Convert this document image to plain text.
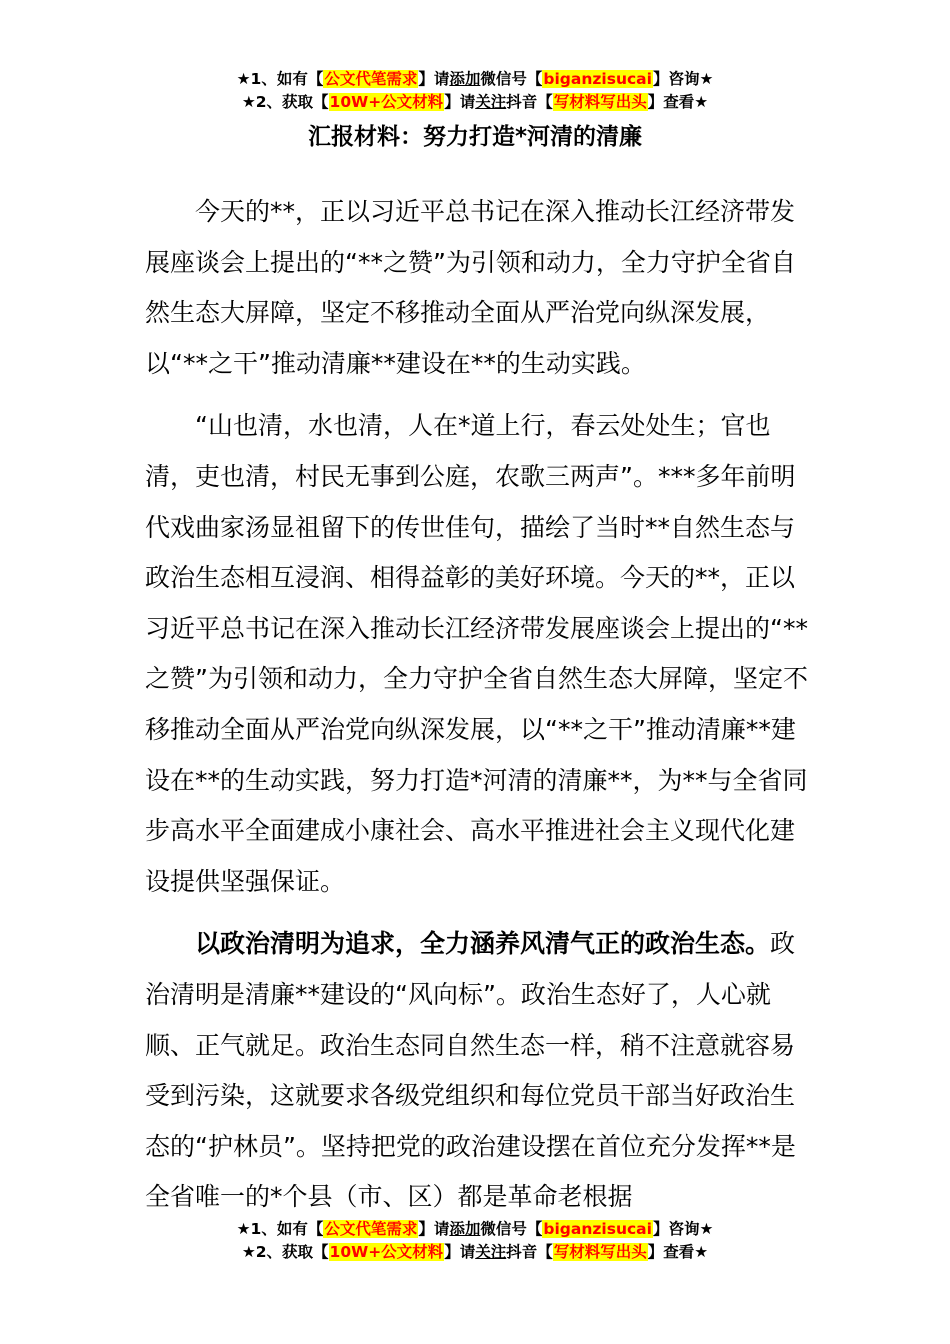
★1、如有【公文代笔需求】请添加微信号【biganzisucai】咨询★
★2、获取【10W+公文材料】请关注抖音【写材料写出头】查看★
汇报材料：努力打造*河清的清廉

今天的**，正以习近平总书记在深入推动长江经济带发展座谈会上提出的“**之赞”为引领和动力，全力守护全省自然生态大屏障，坚定不移推动全面从严治党向纵深发展，以“**之干”推动清廉**建设在**的生动实践。

“山也清，水也清，人在*道上行，春云处处生；官也清，吏也清，村民无事到公庭，农歌三两声”。***多年前明代戏曲家汤显祖留下的传世佳句，描绘了当时**自然生态与政治生态相互浸润、相得益彰的美好环境。今天的**，正以习近平总书记在深入推动长江经济带发展座谈会上提出的“**之赞”为引领和动力，全力守护全省自然生态大屏障，坚定不移推动全面从严治党向纵深发展，以“**之干”推动清廉**建设在**的生动实践，努力打造*河清的清廉**，为**与全省同步高水平全面建成小康社会、高水平推进社会主义现代化建设提供坚强保证。

以政治清明为追求，全力涵养风清气正的政治生态。政治清明是清廉**建设的“风向标”。政治生态好了，人心就顺、正气就足。政治生态同自然生态一样，稍不注意就容易受到污染，这就要求各级党组织和每位党员干部当好政治生态的“护林员”。坚持把党的政治建设摆在首位充分发挥**是全省唯一的*个县（市、区）都是革命老根据

★1、如有【公文代笔需求】请添加微信号【biganzisucai】咨询★
★2、获取【10W+公文材料】请关注抖音【写材料写出头】查看★
